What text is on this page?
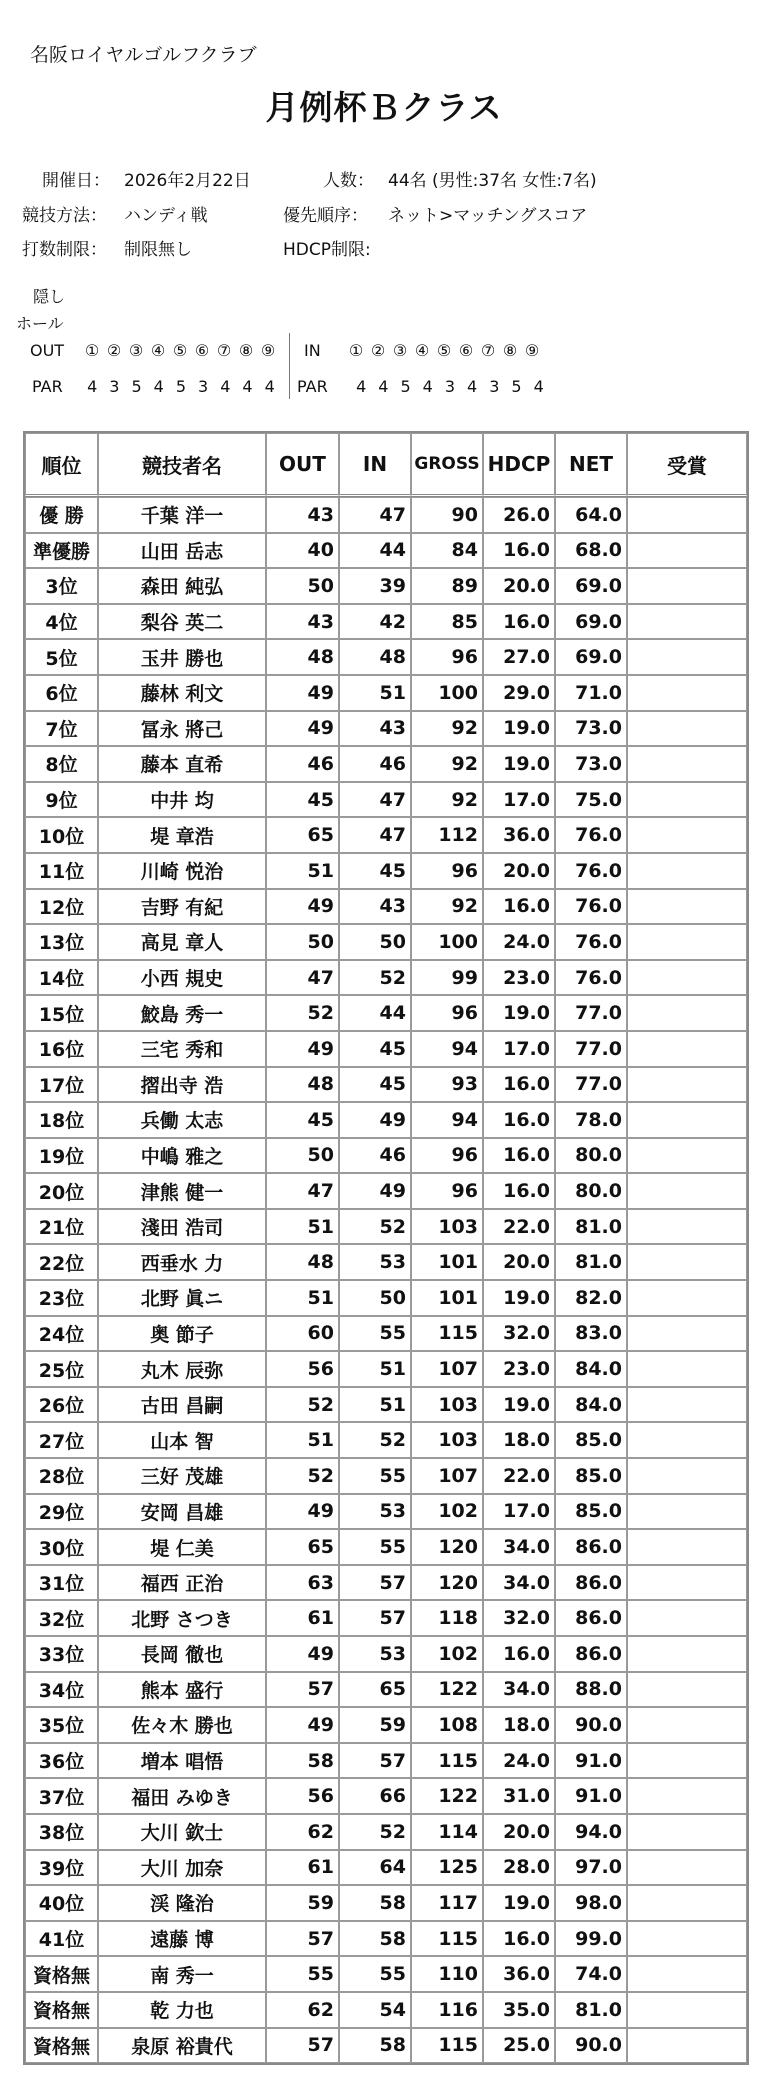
名阪ロイヤルゴルフクラブ
月例杯Ｂクラス
開催日： 2026年2月22日	人数： 44名 (男性:37名 女性:7名)
競技方法： ハンディ戦	優先順序： ネット>マッチングスコア
打数制限： 制限無し	HDCP制限:
隠し
ホール
OUT ① ② ③ ④ ⑤ ⑥ ⑦ ⑧ ⑨ IN ① ② ③ ④ ⑤ ⑥ ⑦ ⑧ ⑨
PAR 4 3 5 4 5 3 4 4 4	PAR 4 4 5 4 3 4 3 5 4
順位	競技者名	OUT	IN	GROSS	HDCP	NET	受賞
優 勝	千葉 洋一	43	47	90	26.0	64.0	
準優勝	山田 岳志	40	44	84	16.0	68.0	
3位	森田 純弘	50	39	89	20.0	69.0	
4位	梨谷 英二	43	42	85	16.0	69.0	
5位	玉井 勝也	48	48	96	27.0	69.0	
6位	藤林 利文	49	51	100	29.0	71.0	
7位	冨永 將己	49	43	92	19.0	73.0	
8位	藤本 直希	46	46	92	19.0	73.0	
9位	中井 均	45	47	92	17.0	75.0	
10位	堤 章浩	65	47	112	36.0	76.0	
11位	川崎 悦治	51	45	96	20.0	76.0	
12位	吉野 有紀	49	43	92	16.0	76.0	
13位	高見 章人	50	50	100	24.0	76.0	
14位	小西 規史	47	52	99	23.0	76.0	
15位	鮫島 秀一	52	44	96	19.0	77.0	
16位	三宅 秀和	49	45	94	17.0	77.0	
17位	摺出寺 浩	48	45	93	16.0	77.0	
18位	兵働 太志	45	49	94	16.0	78.0	
19位	中嶋 雅之	50	46	96	16.0	80.0	
20位	津熊 健一	47	49	96	16.0	80.0	
21位	淺田 浩司	51	52	103	22.0	81.0	
22位	西垂水 力	48	53	101	20.0	81.0	
23位	北野 眞ニ	51	50	101	19.0	82.0	
24位	奥 節子	60	55	115	32.0	83.0	
25位	丸木 辰弥	56	51	107	23.0	84.0	
26位	古田 昌嗣	52	51	103	19.0	84.0	
27位	山本 智	51	52	103	18.0	85.0	
28位	三好 茂雄	52	55	107	22.0	85.0	
29位	安岡 昌雄	49	53	102	17.0	85.0	
30位	堤 仁美	65	55	120	34.0	86.0	
31位	福西 正治	63	57	120	34.0	86.0	
32位	北野 さつき	61	57	118	32.0	86.0	
33位	長岡 徹也	49	53	102	16.0	86.0	
34位	熊本 盛行	57	65	122	34.0	88.0	
35位	佐々木 勝也	49	59	108	18.0	90.0	
36位	増本 唱悟	58	57	115	24.0	91.0	
37位	福田 みゆき	56	66	122	31.0	91.0	
38位	大川 欽士	62	52	114	20.0	94.0	
39位	大川 加奈	61	64	125	28.0	97.0	
40位	渓 隆治	59	58	117	19.0	98.0	
41位	遠藤 博	57	58	115	16.0	99.0	
資格無	南 秀一	55	55	110	36.0	74.0	
資格無	乾 力也	62	54	116	35.0	81.0	
資格無	泉原 裕貴代	57	58	115	25.0	90.0	
